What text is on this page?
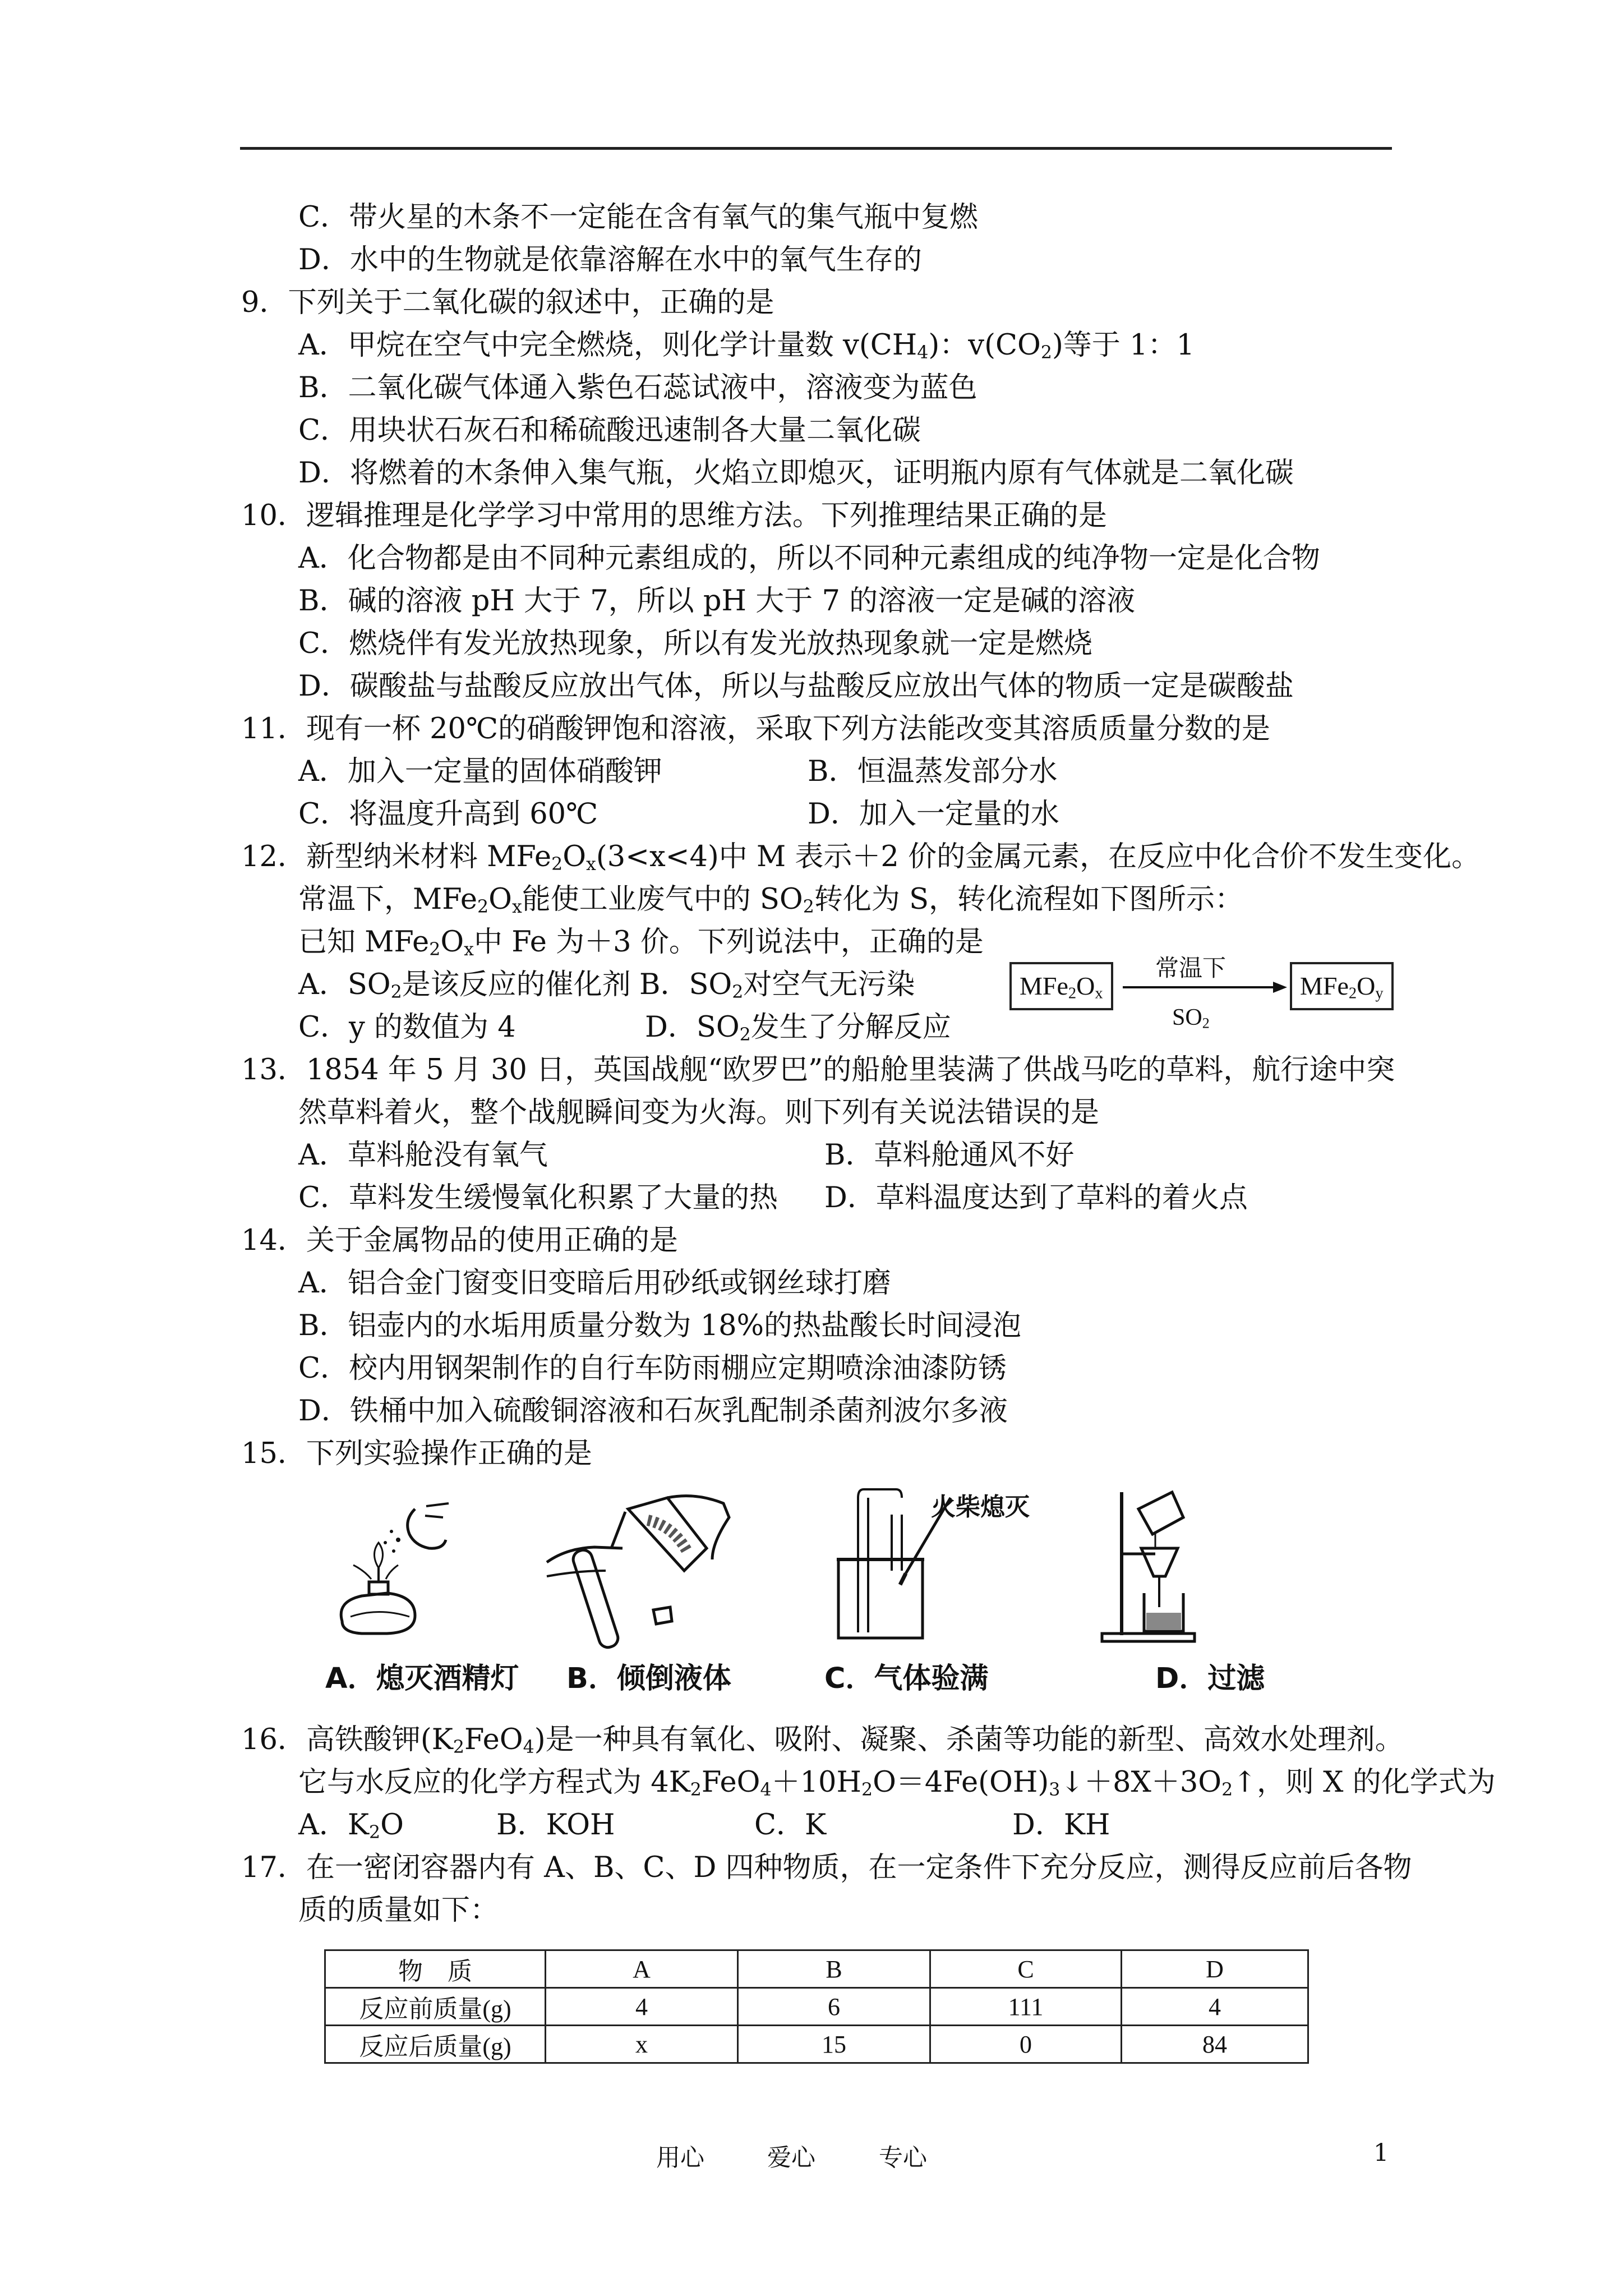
C．带火星的木条不一定能在含有氧气的集气瓶中复燃
D．水中的生物就是依靠溶解在水中的氧气生存的
9．下列关于二氧化碳的叙述中，正确的是
A．甲烷在空气中完全燃烧，则化学计量数 $v(CH_4)$：$v(CO_2)$等于 1：1
B．二氧化碳气体通入紫色石蕊试液中，溶液变为蓝色
C．用块状石灰石和稀硫酸迅速制各大量二氧化碳
D．将燃着的木条伸入集气瓶，火焰立即熄灭，证明瓶内原有气体就是二氧化碳
10．逻辑推理是化学学习中常用的思维方法。下列推理结果正确的是
A．化合物都是由不同种元素组成的，所以不同种元素组成的纯净物一定是化合物
B．碱的溶液 pH 大于 7，所以 pH 大于 7 的溶液一定是碱的溶液
C．燃烧伴有发光放热现象，所以有发光放热现象就一定是燃烧
D．碳酸盐与盐酸反应放出气体，所以与盐酸反应放出气体的物质一定是碳酸盐
11．现有一杯 20℃的硝酸钾饱和溶液，采取下列方法能改变其溶质质量分数的是
A．加入一定量的固体硝酸钾	B．恒温蒸发部分水
C．将温度升高到 60℃	D．加入一定量的水
12．新型纳米材料 $MFe_2O_x(3<x<4)$中 M 表示＋2 价的金属元素，在反应中化合价不发生变化。
常温下，$MFe_2O_x$能使工业废气中的 $SO_2$转化为 S，转化流程如下图所示：
已知 $MFe_2O_x$中 Fe 为＋3 价。下列说法中，正确的是
A．$SO_2$是该反应的催化剂 B．$SO_2$对空气无污染
C．y 的数值为 4	D．$SO_2$发生了分解反应
13．1854 年 5 月 30 日，英国战舰“欧罗巴”的船舱里装满了供战马吃的草料，航行途中突
然草料着火，整个战舰瞬间变为火海。则下列有关说法错误的是
A．草料舱没有氧气	B．草料舱通风不好
C．草料发生缓慢氧化积累了大量的热 D．草料温度达到了草料的着火点
14．关于金属物品的使用正确的是
A．铝合金门窗变旧变暗后用砂纸或钢丝球打磨
B．铝壶内的水垢用质量分数为 18%的热盐酸长时间浸泡
C．校内用钢架制作的自行车防雨棚应定期喷涂油漆防锈
D．铁桶中加入硫酸铜溶液和石灰乳配制杀菌剂波尔多液
15．下列实验操作正确的是
A．熄灭酒精灯	B．倾倒液体
火柴熄灭
C．气体验满	D．过滤
16．高铁酸钾$(K_2FeO_4)$是一种具有氧化、吸附、凝聚、杀菌等功能的新型、高效水处理剂。
它与水反应的化学方程式为 $4K_2FeO_4+10H_2O=4Fe(OH)_3↓+8X+3O_2↑$，则 X 的化学式为
A．$K_2O$	B．KOH	C．K	D．KH
17．在一密闭容器内有 A、B、C、D 四种物质，在一定条件下充分反应，测得反应前后各物
质的质量如下：
$MFe_2O_x$
常温下
$SO_2$
$MFe_2O_y$
物　质	A	B	C	D
反应前质量(g)	4	6	111	4
反应后质量(g)	x	15	0	84
用心	爱心	专心	1
